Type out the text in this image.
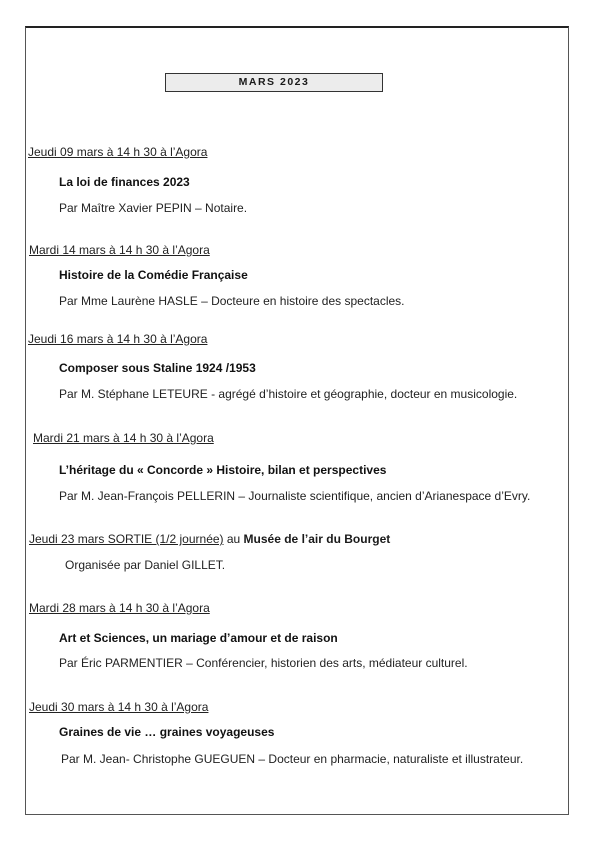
MARS 2023
Jeudi 09 mars à 14 h 30 à l’Agora
La loi de finances 2023
Par Maître Xavier PEPIN – Notaire.
Mardi 14 mars à 14 h 30 à l’Agora
Histoire de la Comédie Française
Par Mme Laurène HASLE – Docteure en histoire des spectacles.
Jeudi 16 mars à 14 h 30 à l’Agora
Composer sous Staline 1924 /1953
Par M. Stéphane LETEURE - agrégé d’histoire et géographie, docteur en musicologie.
Mardi 21 mars à 14 h 30 à l’Agora
L’héritage du « Concorde » Histoire, bilan et perspectives
Par M. Jean-François PELLERIN – Journaliste scientifique, ancien d’Arianespace d’Evry.
Jeudi 23 mars SORTIE (1/2 journée) au Musée de l’air du Bourget
Organisée par Daniel GILLET.
Mardi 28 mars à 14 h 30 à l’Agora
Art et Sciences, un mariage d’amour et de raison
Par Éric PARMENTIER – Conférencier, historien des arts, médiateur culturel.
Jeudi 30 mars à 14 h 30 à l’Agora
Graines de vie … graines voyageuses
Par M. Jean- Christophe GUEGUEN – Docteur en pharmacie, naturaliste et illustrateur.
